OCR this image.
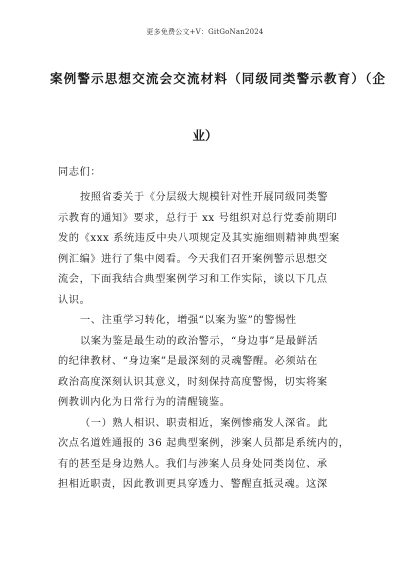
更多免费公文+V：GitGoNan2024
案例警示思想交流会交流材料（同级同类警示教育）（企
业）
同志们：
按照省委关于《分层级大规模针对性开展同级同类警
示教育的通知》要求，总行于 xx 号组织对总行党委前期印
发的《xxx 系统违反中央八项规定及其实施细则精神典型案
例汇编》进行了集中阅看。今天我们召开案例警示思想交
流会，下面我结合典型案例学习和工作实际，谈以下几点
认识。
一、注重学习转化，增强“以案为鉴”的警惕性
以案为鉴是最生动的政治警示，“身边事”是最鲜活
的纪律教材、“身边案”是最深刻的灵魂警醒。必须站在
政治高度深刻认识其意义，时刻保持高度警惕，切实将案
例教训内化为日常行为的清醒镜鉴。
（一）熟人相识、职责相近，案例惨痛发人深省。此
次点名道姓通报的 36 起典型案例，涉案人员都是系统内的，
有的甚至是身边熟人。我们与涉案人员身处同类岗位、承
担相近职责，因此教训更具穿透力、警醒直抵灵魂。这深
